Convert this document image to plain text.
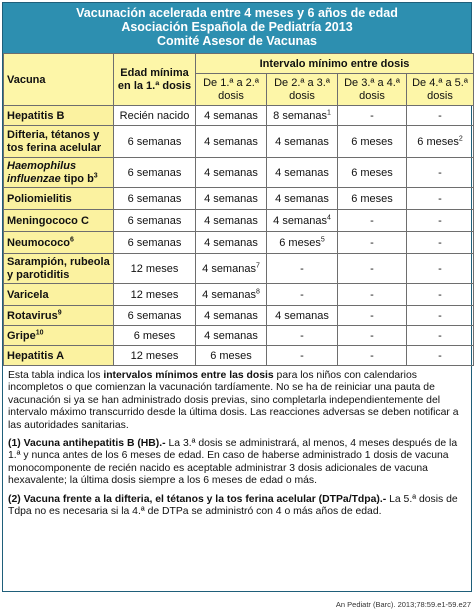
Vacunación acelerada entre 4 meses y 6 años de edad
Asociación Española de Pediatría 2013
Comité Asesor de Vacunas
Vacuna	Edad mínima en la 1.ª dosis	Intervalo mínimo entre dosis			
		De 1.ª a 2.ª dosis	De 2.ª a 3.ª dosis	De 3.ª a 4.ª dosis	De 4.ª a 5.ª dosis
Hepatitis B	Recién nacido	4 semanas	8 semanas$^1$	-	-
Difteria, tétanos y tos ferina acelular	6 semanas	4 semanas	4 semanas	6 meses	6 meses$^2$
Haemophilus influenzae tipo $b^3$	6 semanas	4 semanas	4 semanas	6 meses	-
Poliomielitis	6 semanas	4 semanas	4 semanas	6 meses	-
Meningococo C	6 semanas	4 semanas	4 semanas$^4$	-	-
Neumococo$^6$	6 semanas	4 semanas	6 meses$^5$	-	-
Sarampión, rubeola y parotiditis	12 meses	4 semanas$^7$	-	-	-
Varicela	12 meses	4 semanas$^8$	-	-	-
Rotavirus$^9$	6 semanas	4 semanas	4 semanas	-	-
Gripe$^{10}$	6 meses	4 semanas	-	-	-
Hepatitis A	12 meses	6 meses	-	-	-

Esta tabla indica los intervalos mínimos entre las dosis para los niños con calendarios incompletos o que comienzan la vacunación tardíamente. No se ha de reiniciar una pauta de vacunación si ya se han administrado dosis previas, sino completarla independientemente del intervalo máximo transcurrido desde la última dosis. Las reacciones adversas se deben notificar a las autoridades sanitarias.

(1) Vacuna antihepatitis B (HB).- La 3.ª dosis se administrará, al menos, 4 meses después de la 1.ª y nunca antes de los 6 meses de edad. En caso de haberse administrado 1 dosis de vacuna monocomponente de recién nacido es aceptable administrar 3 dosis adicionales de vacuna hexavalente; la última dosis siempre a los 6 meses de edad o más.

(2) Vacuna frente a la difteria, el tétanos y la tos ferina acelular (DTPa/Tdpa).- La 5.ª dosis de Tdpa no es necesaria si la 4.ª de DTPa se administró con 4 o más años de edad.

An Pediatr (Barc). 2013;78:59.e1-59.e27
